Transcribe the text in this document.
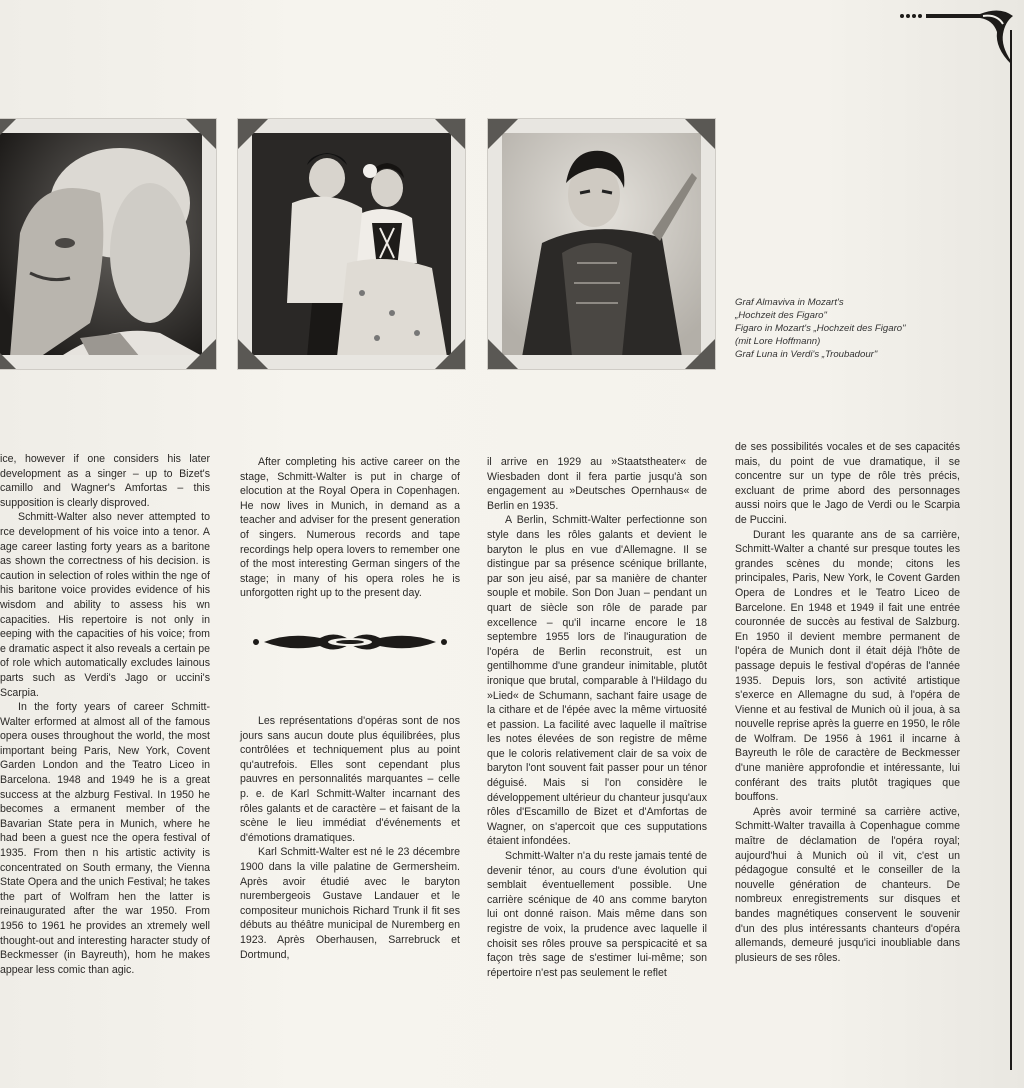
Graf Almaviva in Mozart's
„Hochzeit des Figaro"
Figaro in Mozart's „Hochzeit des Figaro"
(mit Lore Hoffmann)
Graf Luna in Verdi's „Troubadour"

ice, however if one considers his later development as a singer – up to Bizet's camillo and Wagner's Amfortas – this supposition is clearly disproved.

Schmitt-Walter also never attempted to rce development of his voice into a tenor. A age career lasting forty years as a baritone as shown the correctness of his decision. is caution in selection of roles within the nge of his baritone voice provides evidence of his wisdom and ability to assess his wn capacities. His repertoire is not only in eeping with the capacities of his voice; from e dramatic aspect it also reveals a certain pe of role which automatically excludes lainous parts such as Verdi's Jago or uccini's Scarpia.

In the forty years of career Schmitt-Walter erformed at almost all of the famous opera ouses throughout the world, the most important being Paris, New York, Covent Garden London and the Teatro Liceo in Barcelona. 1948 and 1949 he is a great success at the alzburg Festival. In 1950 he becomes a ermanent member of the Bavarian State pera in Munich, where he had been a guest nce the opera festival of 1935. From then n his artistic activity is concentrated on South ermany, the Vienna State Opera and the unich Festival; he takes the part of Wolfram hen the latter is reinaugurated after the war 1950. From 1956 to 1961 he provides an xtremely well thought-out and interesting haracter study of Beckmesser (in Bayreuth), hom he makes appear less comic than agic.

After completing his active career on the stage, Schmitt-Walter is put in charge of elocution at the Royal Opera in Copenhagen. He now lives in Munich, in demand as a teacher and adviser for the present generation of singers. Numerous records and tape recordings help opera lovers to remember one of the most interesting German singers of the stage; in many of his opera roles he is unforgotten right up to the present day.

Les représentations d'opéras sont de nos jours sans aucun doute plus équilibrées, plus contrôlées et techniquement plus au point qu'autrefois. Elles sont cependant plus pauvres en personnalités marquantes – celle p. e. de Karl Schmitt-Walter incarnant des rôles galants et de caractère – et faisant de la scène le lieu immédiat d'événements et d'émotions dramatiques.

Karl Schmitt-Walter est né le 23 décembre 1900 dans la ville palatine de Germersheim. Après avoir étudié avec le baryton nurembergeois Gustave Landauer et le compositeur munichois Richard Trunk il fit ses débuts au théâtre municipal de Nuremberg en 1923. Après Oberhausen, Sarrebruck et Dortmund,

il arrive en 1929 au »Staatstheater« de Wiesbaden dont il fera partie jusqu'à son engagement au »Deutsches Opernhaus« de Berlin en 1935.

A Berlin, Schmitt-Walter perfectionne son style dans les rôles galants et devient le baryton le plus en vue d'Allemagne. Il se distingue par sa présence scénique brillante, par son jeu aisé, par sa manière de chanter souple et mobile. Son Don Juan – pendant un quart de siècle son rôle de parade par excellence – qu'il incarne encore le 18 septembre 1955 lors de l'inauguration de l'opéra de Berlin reconstruit, est un gentilhomme d'une grandeur inimitable, plutôt ironique que brutal, comparable à l'Hildago du »Lied« de Schumann, sachant faire usage de la cithare et de l'épée avec la même virtuosité et passion. La facilité avec laquelle il maîtrise les notes élevées de son registre de même que le coloris relativement clair de sa voix de baryton l'ont souvent fait passer pour un ténor déguisé. Mais si l'on considère le développement ultérieur du chanteur jusqu'aux rôles d'Escamillo de Bizet et d'Amfortas de Wagner, on s'apercoit que ces supputations étaient infondées.

Schmitt-Walter n'a du reste jamais tenté de devenir ténor, au cours d'une évolution qui semblait éventuellement possible. Une carrière scénique de 40 ans comme baryton lui ont donné raison. Mais même dans son registre de voix, la prudence avec laquelle il choisit ses rôles prouve sa perspicacité et sa façon très sage de s'estimer lui-même; son répertoire n'est pas seulement le reflet

de ses possibilités vocales et de ses capacités mais, du point de vue dramatique, il se concentre sur un type de rôle très précis, excluant de prime abord des personnages aussi noirs que le Jago de Verdi ou le Scarpia de Puccini.

Durant les quarante ans de sa carrière, Schmitt-Walter a chanté sur presque toutes les grandes scènes du monde; citons les principales, Paris, New York, le Covent Garden Opera de Londres et le Teatro Liceo de Barcelone. En 1948 et 1949 il fait une entrée couronnée de succès au festival de Salzburg. En 1950 il devient membre permanent de l'opéra de Munich dont il était déjà l'hôte de passage depuis le festival d'opéras de l'année 1935. Depuis lors, son activité artistique s'exerce en Allemagne du sud, à l'opéra de Vienne et au festival de Munich où il joua, à sa nouvelle reprise après la guerre en 1950, le rôle de Wolfram. De 1956 à 1961 il incarne à Bayreuth le rôle de caractère de Beckmesser d'une manière approfondie et intéressante, lui conférant des traits plutôt tragiques que bouffons.

Après avoir terminé sa carrière active, Schmitt-Walter travailla à Copenhague comme maître de déclamation de l'opéra royal; aujourd'hui à Munich où il vit, c'est un pédagogue consulté et le conseiller de la nouvelle génération de chanteurs. De nombreux enregistrements sur disques et bandes magnétiques conservent le souvenir d'un des plus intéressants chanteurs d'opéra allemands, demeuré jusqu'ici inoubliable dans plusieurs de ses rôles.
